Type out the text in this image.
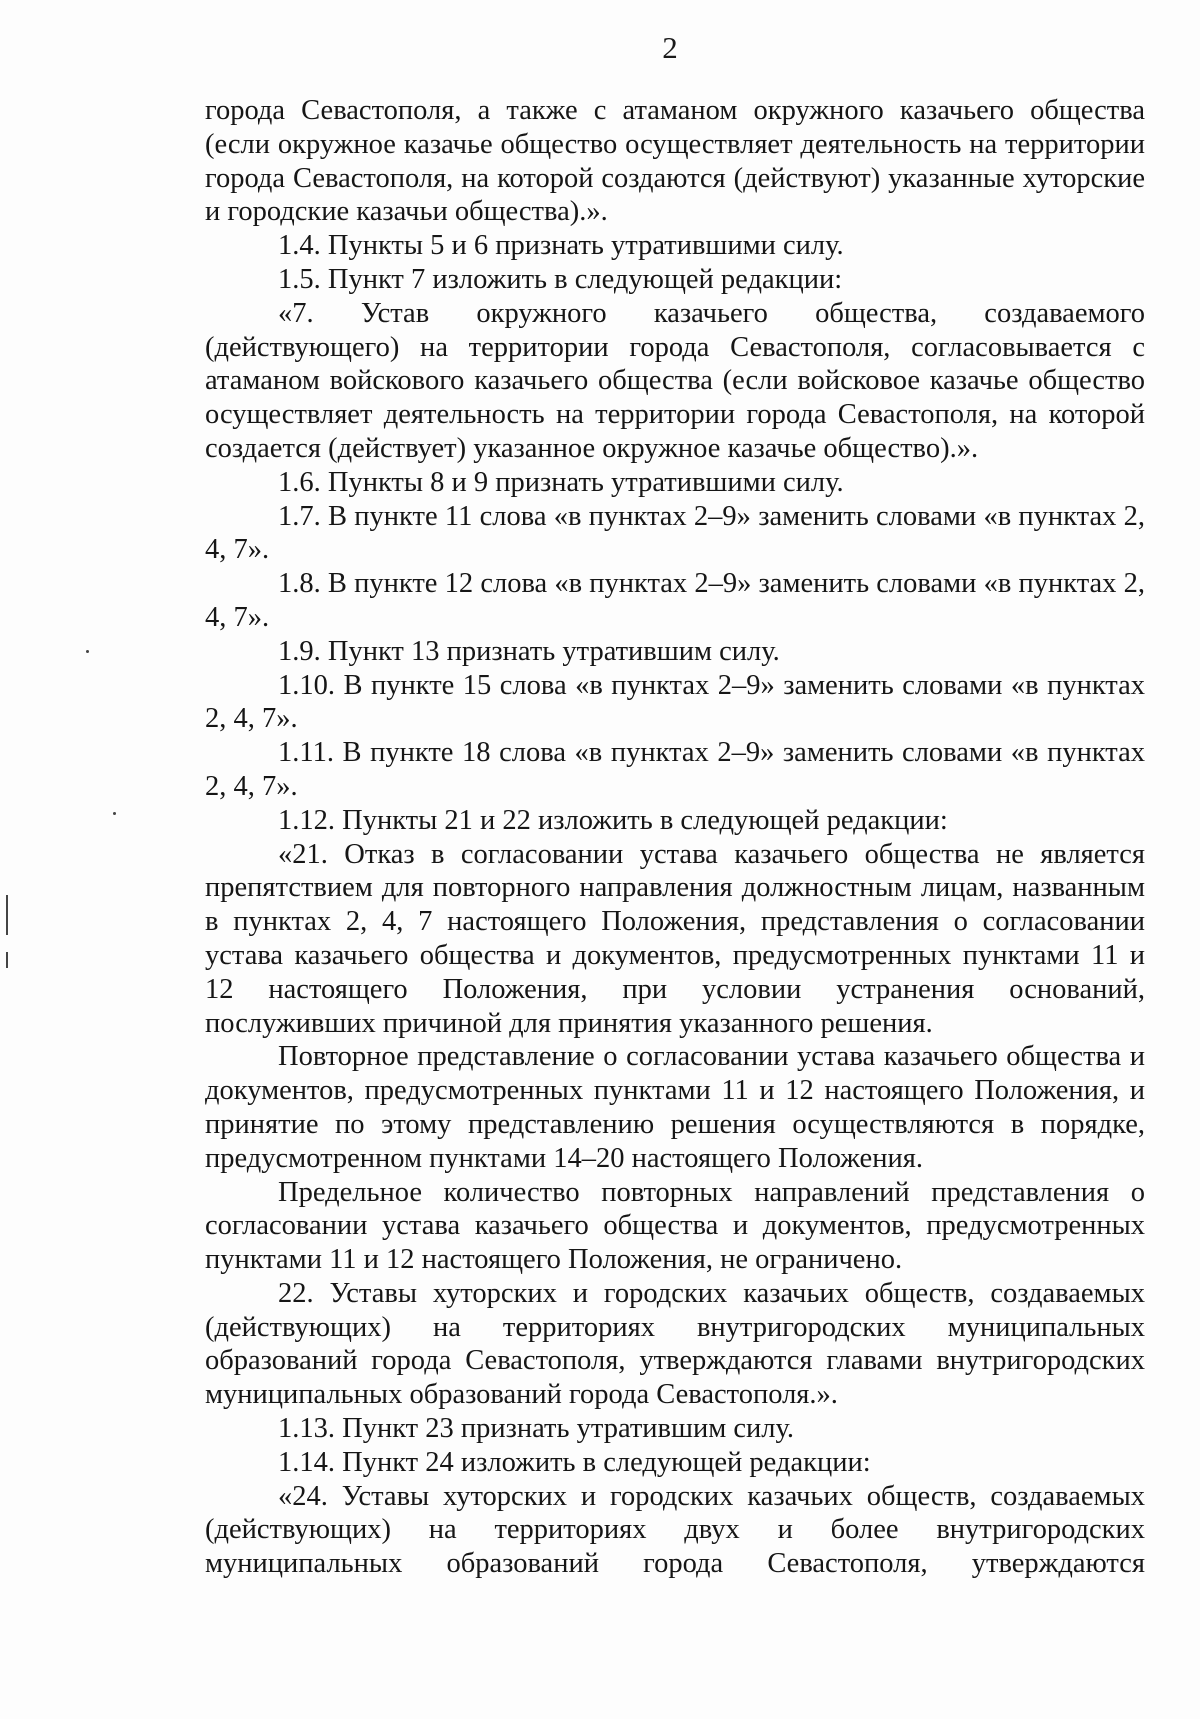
2

города Севастополя, а также с атаманом окружного казачьего общества (если окружное казачье общество осуществляет деятельность на территории города Севастополя, на которой создаются (действуют) указанные хуторские и городские казачьи общества).».

1.4. Пункты 5 и 6 признать утратившими силу.

1.5. Пункт 7 изложить в следующей редакции:

«7. Устав окружного казачьего общества, создаваемого (действующего) на территории города Севастополя, согласовывается с атаманом войскового казачьего общества (если войсковое казачье общество осуществляет деятельность на территории города Севастополя, на которой создается (действует) указанное окружное казачье общество).».

1.6. Пункты 8 и 9 признать утратившими силу.

1.7. В пункте 11 слова «в пунктах 2–9» заменить словами «в пунктах 2, 4, 7».

1.8. В пункте 12 слова «в пунктах 2–9» заменить словами «в пунктах 2, 4, 7».

1.9. Пункт 13 признать утратившим силу.

1.10. В пункте 15 слова «в пунктах 2–9» заменить словами «в пунктах 2, 4, 7».

1.11. В пункте 18 слова «в пунктах 2–9» заменить словами «в пунктах 2, 4, 7».

1.12. Пункты 21 и 22 изложить в следующей редакции:

«21. Отказ в согласовании устава казачьего общества не является препятствием для повторного направления должностным лицам, названным в пунктах 2, 4, 7 настоящего Положения, представления о согласовании устава казачьего общества и документов, предусмотренных пунктами 11 и 12 настоящего Положения, при условии устранения оснований, послуживших причиной для принятия указанного решения.

Повторное представление о согласовании устава казачьего общества и документов, предусмотренных пунктами 11 и 12 настоящего Положения, и принятие по этому представлению решения осуществляются в порядке, предусмотренном пунктами 14–20 настоящего Положения.

Предельное количество повторных направлений представления о согласовании устава казачьего общества и документов, предусмотренных пунктами 11 и 12 настоящего Положения, не ограничено.

22. Уставы хуторских и городских казачьих обществ, создаваемых (действующих) на территориях внутригородских муниципальных образований города Севастополя, утверждаются главами внутригородских муниципальных образований города Севастополя.».

1.13. Пункт 23 признать утратившим силу.

1.14. Пункт 24 изложить в следующей редакции:

«24. Уставы хуторских и городских казачьих обществ, создаваемых (действующих) на территориях двух и более внутригородских муниципальных образований города Севастополя, утверждаются
